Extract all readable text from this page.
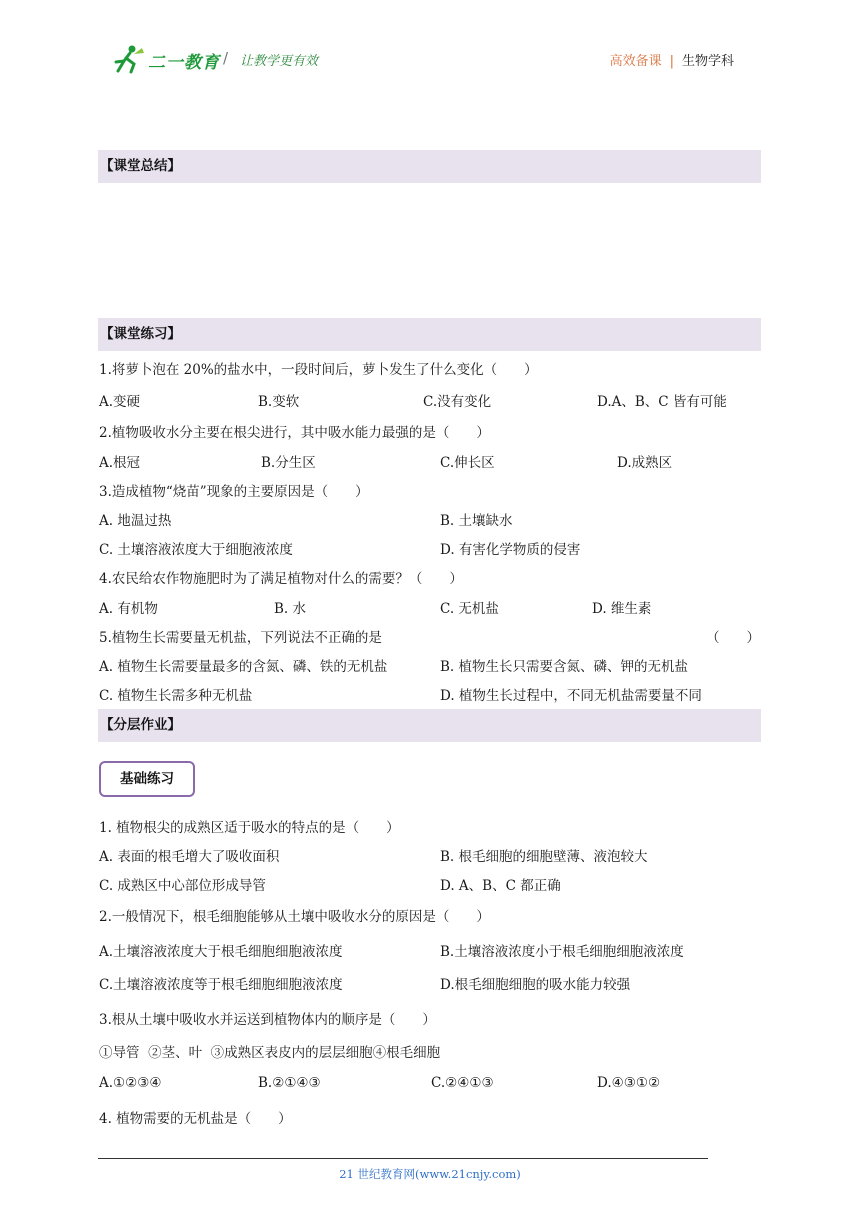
二一教育 / 让教学更有效	高效备课 | 生物学科
【课堂总结】
【课堂练习】
1.将萝卜泡在 20%的盐水中，一段时间后，萝卜发生了什么变化（　　）
A.变硬	B.变软	C.没有变化	D.A、B、C 皆有可能
2.植物吸收水分主要在根尖进行，其中吸水能力最强的是（　　）
A.根冠	B.分生区	C.伸长区	D.成熟区
3.造成植物“烧苗”现象的主要原因是（　　）
A. 地温过热	B. 土壤缺水
C. 土壤溶液浓度大于细胞液浓度	D. 有害化学物质的侵害
4.农民给农作物施肥时为了满足植物对什么的需要？（　　）
A. 有机物	B. 水	C. 无机盐	D. 维生素
5.植物生长需要量无机盐，下列说法不正确的是	（　　）
A. 植物生长需要量最多的含氮、磷、铁的无机盐	B. 植物生长只需要含氮、磷、钾的无机盐
C. 植物生长需多种无机盐	D. 植物生长过程中，不同无机盐需要量不同
【分层作业】
基础练习
1. 植物根尖的成熟区适于吸水的特点的是（　　）
A. 表面的根毛增大了吸收面积	B. 根毛细胞的细胞壁薄、液泡较大
C. 成熟区中心部位形成导管	D. A、B、C 都正确
2.一般情况下，根毛细胞能够从土壤中吸收水分的原因是（　　）
A.土壤溶液浓度大于根毛细胞细胞液浓度	B.土壤溶液浓度小于根毛细胞细胞液浓度
C.土壤溶液浓度等于根毛细胞细胞液浓度	D.根毛细胞细胞的吸水能力较强
3.根从土壤中吸收水并运送到植物体内的顺序是（　　）
①导管  ②茎、叶  ③成熟区表皮内的层层细胞④根毛细胞
A.①②③④	B.②①④③	C.②④①③	D.④③①②
4. 植物需要的无机盐是（　　）
21 世纪教育网(www.21cnjy.com)
